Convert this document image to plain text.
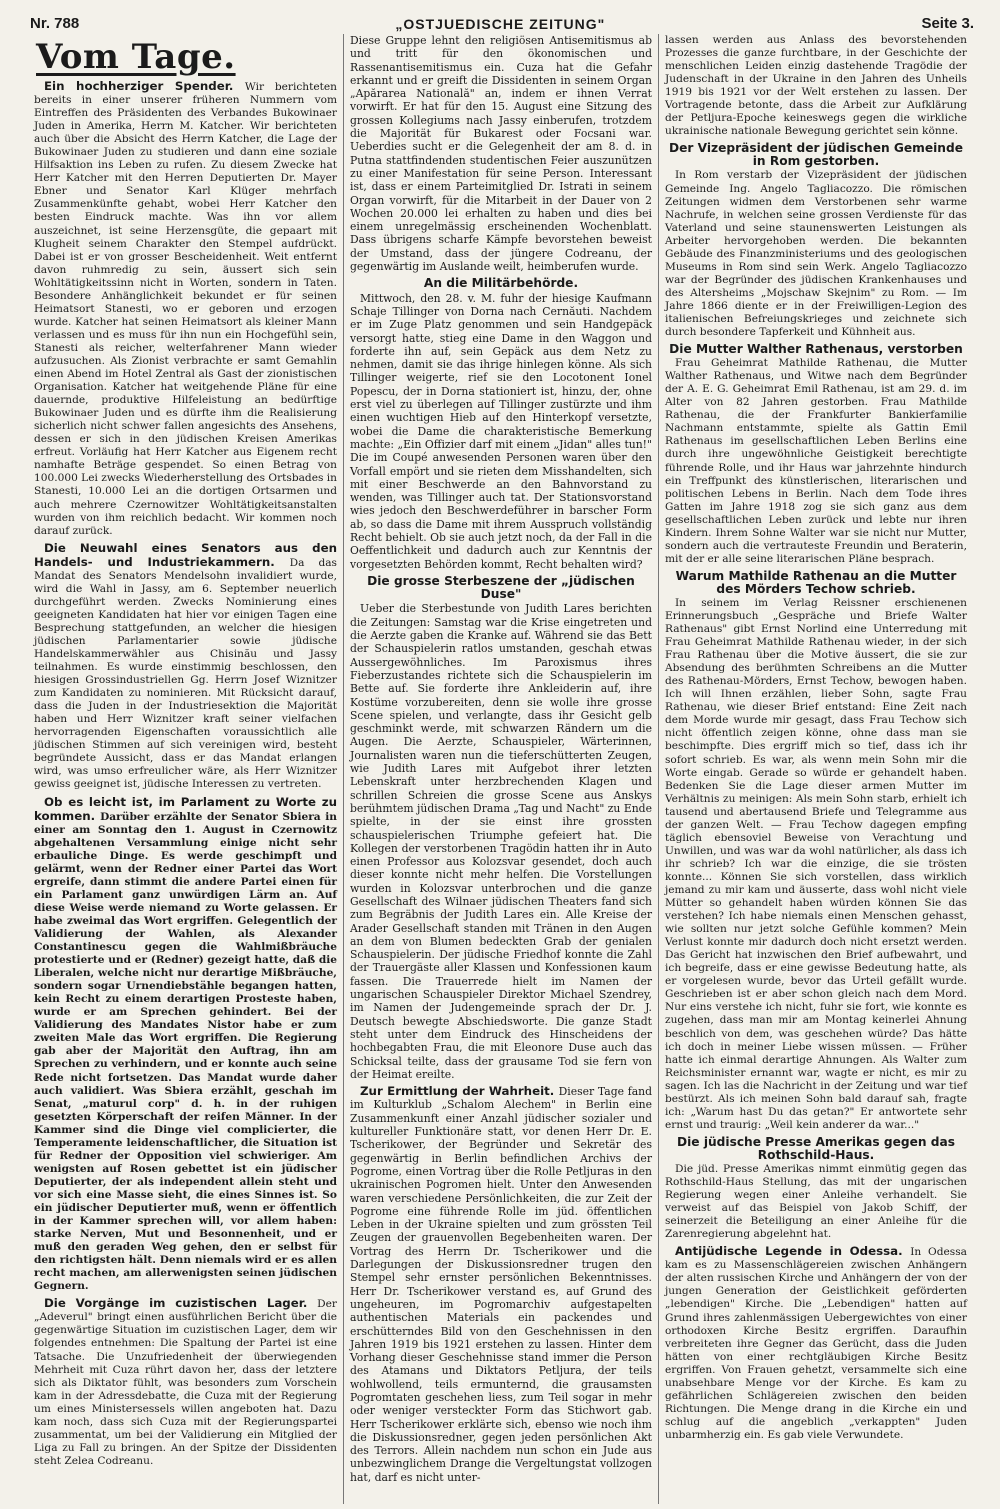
Nr. 788	„OSTJUEDISCHE ZEITUNG"	Seite 3.
Vom Tage.

Ein hochherziger Spender. Wir berichteten bereits in einer unserer früheren Nummern vom Eintreffen des Präsidenten des Verbandes Bukowinaer Juden in Amerika, Herrn M. Katcher. Wir berichteten auch über die Absicht des Herrn Katcher, die Lage der Bukowinaer Juden zu studieren und dann eine soziale Hilfsaktion ins Leben zu rufen. Zu diesem Zwecke hat Herr Katcher mit den Herren Deputierten Dr. Mayer Ebner und Senator Karl Klüger mehrfach Zusammenkünfte gehabt, wobei Herr Katcher den besten Eindruck machte. Was ihn vor allem auszeichnet, ist seine Herzensgüte, die gepaart mit Klugheit seinem Charakter den Stempel aufdrückt. Dabei ist er von grosser Bescheidenheit. Weit entfernt davon ruhmredig zu sein, äussert sich sein Wohltätigkeitssinn nicht in Worten, sondern in Taten. Besondere Anhänglichkeit bekundet er für seinen Heimatsort Stanesti, wo er geboren und erzogen wurde. Katcher hat seinen Heimatsort als kleiner Mann verlassen und es muss für ihn nun ein Hochgefühl sein, Stanesti als reicher, welterfahrener Mann wieder aufzusuchen. Als Zionist verbrachte er samt Gemahlin einen Abend im Hotel Zentral als Gast der zionistischen Organisation. Katcher hat weitgehende Pläne für eine dauernde, produktive Hilfeleistung an bedürftige Bukowinaer Juden und es dürfte ihm die Realisierung sicherlich nicht schwer fallen angesichts des Ansehens, dessen er sich in den jüdischen Kreisen Amerikas erfreut. Vorläufig hat Herr Katcher aus Eigenem recht namhafte Beträge gespendet. So einen Betrag von 100.000 Lei zwecks Wiederherstellung des Ortsbades in Stanesti, 10.000 Lei an die dortigen Ortsarmen und auch mehrere Czernowitzer Wohltätigkeitsanstalten wurden von ihm reichlich bedacht. Wir kommen noch darauf zurück.

Die Neuwahl eines Senators aus den Handels- und Industriekammern. Da das Mandat des Senators Mendelsohn invalidiert wurde, wird die Wahl in Jassy, am 6. September neuerlich durchgeführt werden. Zwecks Nominierung eines geeigneten Kandidaten hat hier vor einigen Tagen eine Besprechung stattgefunden, an welcher die hiesigen jüdischen Parlamentarier sowie jüdische Handelskammerwähler aus Chisinău und Jassy teilnahmen. Es wurde einstimmig beschlossen, den hiesigen Grossindustriellen Gg. Herrn Josef Wiznitzer zum Kandidaten zu nominieren. Mit Rücksicht darauf, dass die Juden in der Industriesektion die Majorität haben und Herr Wiznitzer kraft seiner vielfachen hervorragenden Eigenschaften voraussichtlich alle jüdischen Stimmen auf sich vereinigen wird, besteht begründete Aussicht, dass er das Mandat erlangen wird, was umso erfreulicher wäre, als Herr Wiznitzer gewiss geeignet ist, jüdische Interessen zu vertreten.

Ob es leicht ist, im Parlament zu Worte zu kommen. Darüber erzählte der Senator Sbiera in einer am Sonntag den 1. August in Czernowitz abgehaltenen Versammlung einige nicht sehr erbauliche Dinge. Es werde geschimpft und gelärmt, wenn der Redner einer Partei das Wort ergreife, dann stimmt die andere Partei einen für ein Parlament ganz unwürdigen Lärm an. Auf diese Weise werde niemand zu Worte gelassen. Er habe zweimal das Wort ergriffen. Gelegentlich der Validierung der Wahlen, als Alexander Constantinescu gegen die Wahlmißbräuche protestierte und er (Redner) gezeigt hatte, daß die Liberalen, welche nicht nur derartige Mißbräuche, sondern sogar Urnendiebstähle begangen hatten, kein Recht zu einem derartigen Prosteste haben, wurde er am Sprechen gehindert. Bei der Validierung des Mandates Nistor habe er zum zweiten Male das Wort ergriffen. Die Regierung gab aber der Majorität den Auftrag, ihn am Sprechen zu verhindern, und er konnte auch seine Rede nicht fortsetzen. Das Mandat wurde daher auch validiert. Was Sbiera erzählt, geschah im Senat, „maturul corp" d. h. in der ruhigen gesetzten Körperschaft der reifen Männer. In der Kammer sind die Dinge viel complicierter, die Temperamente leidenschaftlicher, die Situation ist für Redner der Opposition viel schwieriger. Am wenigsten auf Rosen gebettet ist ein jüdischer Deputierter, der als independent allein steht und vor sich eine Masse sieht, die eines Sinnes ist. So ein jüdischer Deputierter muß, wenn er öffentlich in der Kammer sprechen will, vor allem haben: starke Nerven, Mut und Besonnenheit, und er muß den geraden Weg gehen, den er selbst für den richtigsten hält. Denn niemals wird er es allen recht machen, am allerwenigsten seinen jüdischen Gegnern.

Die Vorgänge im cuzistischen Lager. Der „Adeverul" bringt einen ausführlichen Bericht über die gegenwärtige Situation im cuzistischen Lager, dem wir folgendes entnehmen: Die Spaltung der Partei ist eine Tatsache. Die Unzufriedenheit der überwiegenden Mehrheit mit Cuza rührt davon her, dass der letztere sich als Diktator fühlt, was besonders zum Vorschein kam in der Adressdebatte, die Cuza mit der Regierung um eines Ministersessels willen angeboten hat. Dazu kam noch, dass sich Cuza mit der Regierungspartei zusammentat, um bei der Validierung ein Mitglied der Liga zu Fall zu bringen. An der Spitze der Dissidenten steht Zelea Codreanu.

Diese Gruppe lehnt den religiösen Antisemitismus ab und tritt für den ökonomischen und Rassenantisemitismus ein. Cuza hat die Gefahr erkannt und er greift die Dissidenten in seinem Organ „Apărarea Natională" an, indem er ihnen Verrat vorwirft. Er hat für den 15. August eine Sitzung des grossen Kollegiums nach Jassy einberufen, trotzdem die Majorität für Bukarest oder Focsani war. Ueberdies sucht er die Gelegenheit der am 8. d. in Putna stattfindenden studentischen Feier auszunützen zu einer Manifestation für seine Person. Interessant ist, dass er einem Parteimitglied Dr. Istrati in seinem Organ vorwirft, für die Mitarbeit in der Dauer von 2 Wochen 20.000 lei erhalten zu haben und dies bei einem unregelmässig erscheinenden Wochenblatt. Dass übrigens scharfe Kämpfe bevorstehen beweist der Umstand, dass der jüngere Codreanu, der gegenwärtig im Auslande weilt, heimberufen wurde.

An die Militärbehörde.

Mittwoch, den 28. v. M. fuhr der hiesige Kaufmann Schaje Tillinger von Dorna nach Cernăuti. Nachdem er im Zuge Platz genommen und sein Handgepäck versorgt hatte, stieg eine Dame in den Waggon und forderte ihn auf, sein Gepäck aus dem Netz zu nehmen, damit sie das ihrige hinlegen könne. Als sich Tillinger weigerte, rief sie den Locotonent Ionel Popescu, der in Dorna stationiert ist, hinzu, der, ohne erst viel zu überlegen auf Tillinger zustürzte und ihm einen wuchtigen Hieb auf den Hinterkopf versetzte, wobei die Dame die charakteristische Bemerkung machte: „Ein Offizier darf mit einem „Jidan" alles tun!" Die im Coupé anwesenden Personen waren über den Vorfall empört und sie rieten dem Misshandelten, sich mit einer Beschwerde an den Bahnvorstand zu wenden, was Tillinger auch tat. Der Stationsvorstand wies jedoch den Beschwerdeführer in barscher Form ab, so dass die Dame mit ihrem Ausspruch vollständig Recht behielt. Ob sie auch jetzt noch, da der Fall in die Oeffentlichkeit und dadurch auch zur Kenntnis der vorgesetzten Behörden kommt, Recht behalten wird?

Die grosse Sterbeszene der „jüdischen Duse"

Ueber die Sterbestunde von Judith Lares berichten die Zeitungen: Samstag war die Krise eingetreten und die Aerzte gaben die Kranke auf. Während sie das Bett der Schauspielerin ratlos umstanden, geschah etwas Aussergewöhnliches. Im Paroxismus ihres Fieberzustandes richtete sich die Schauspielerin im Bette auf. Sie forderte ihre Ankleiderin auf, ihre Kostüme vorzubereiten, denn sie wolle ihre grosse Scene spielen, und verlangte, dass ihr Gesicht gelb geschminkt werde, mit schwarzen Rändern um die Augen. Die Aerzte, Schauspieler, Wärterinnen, Journalisten waren nun die tieferschütterten Zeugen, wie Judith Lares mit Aufgebot ihrer letzten Lebenskraft unter herzbrechenden Klagen und schrillen Schreien die grosse Scene aus Anskys berühmtem jüdischen Drama „Tag und Nacht" zu Ende spielte, in der sie einst ihre grossten schauspielerischen Triumphe gefeiert hat. Die Kollegen der verstorbenen Tragödin hatten ihr in Auto einen Professor aus Kolozsvar gesendet, doch auch dieser konnte nicht mehr helfen. Die Vorstellungen wurden in Kolozsvar unterbrochen und die ganze Gesellschaft des Wilnaer jüdischen Theaters fand sich zum Begräbnis der Judith Lares ein. Alle Kreise der Arader Gesellschaft standen mit Tränen in den Augen an dem von Blumen bedeckten Grab der genialen Schauspielerin. Der jüdische Friedhof konnte die Zahl der Trauergäste aller Klassen und Konfessionen kaum fassen. Die Trauerrede hielt im Namen der ungarischen Schauspieler Direktor Michael Szendrey, im Namen der Judengemeinde sprach der Dr. J. Deutsch bewegte Abschiedsworte. Die ganze Stadt steht unter dem Eindruck des Hinscheidens der hochbegabten Frau, die mit Eleonore Duse auch das Schicksal teilte, dass der grausame Tod sie fern von der Heimat ereilte.

Zur Ermittlung der Wahrheit. Dieser Tage fand im Kulturklub „Schalom Alechem" in Berlin eine Zusammenkunft einer Anzahl jüdischer sozialer und kultureller Funktionäre statt, vor denen Herr Dr. E. Tscherikower, der Begründer und Sekretär des gegenwärtig in Berlin befindlichen Archivs der Pogrome, einen Vortrag über die Rolle Petljuras in den ukrainischen Pogromen hielt. Unter den Anwesenden waren verschiedene Persönlichkeiten, die zur Zeit der Pogrome eine führende Rolle im jüd. öffentlichen Leben in der Ukraine spielten und zum grössten Teil Zeugen der grauenvollen Begebenheiten waren. Der Vortrag des Herrn Dr. Tscherikower und die Darlegungen der Diskussionsredner trugen den Stempel sehr ernster persönlichen Bekenntnisses. Herr Dr. Tscherikower verstand es, auf Grund des ungeheuren, im Pogromarchiv aufgestapelten authentischen Materials ein packendes und erschütterndes Bild von den Geschehnissen in den Jahren 1919 bis 1921 erstehen zu lassen. Hinter dem Vorhang dieser Geschehnisse stand immer die Person des Atamans und Diktators Petljura, der teils wohlwollend, teils ermunternd, die grausamsten Pogromtaten geschehen liess, zum Teil sogar in mehr oder weniger versteckter Form das Stichwort gab. Herr Tscherikower erklärte sich, ebenso wie noch ihm die Diskussionsredner, gegen jeden persönlichen Akt des Terrors. Allein nachdem nun schon ein Jude aus unbezwinglichem Drange die Vergeltungstat vollzogen hat, darf es nicht unter-

lassen werden aus Anlass des bevorstehenden Prozesses die ganze furchtbare, in der Geschichte der menschlichen Leiden einzig dastehende Tragödie der Judenschaft in der Ukraine in den Jahren des Unheils 1919 bis 1921 vor der Welt erstehen zu lassen. Der Vortragende betonte, dass die Arbeit zur Aufklärung der Petljura-Epoche keineswegs gegen die wirkliche ukrainische nationale Bewegung gerichtet sein könne.

Der Vizepräsident der jüdischen Gemeinde in Rom gestorben.

In Rom verstarb der Vizepräsident der jüdischen Gemeinde Ing. Angelo Tagliacozzo. Die römischen Zeitungen widmen dem Verstorbenen sehr warme Nachrufe, in welchen seine grossen Verdienste für das Vaterland und seine staunenswerten Leistungen als Arbeiter hervorgehoben werden. Die bekannten Gebäude des Finanzministeriums und des geologischen Museums in Rom sind sein Werk. Angelo Tagliacozzo war der Begründer des jüdischen Krankenhauses und des Altersheims „Mojschaw Skejnim" zu Rom. — Im Jahre 1866 diente er in der Freiwilligen-Legion des italienischen Befreiungskrieges und zeichnete sich durch besondere Tapferkeit und Kühnheit aus.

Die Mutter Walther Rathenaus, verstorben

Frau Geheimrat Mathilde Rathenau, die Mutter Walther Rathenaus, und Witwe nach dem Begründer der A. E. G. Geheimrat Emil Rathenau, ist am 29. d. im Alter von 82 Jahren gestorben. Frau Mathilde Rathenau, die der Frankfurter Bankierfamilie Nachmann entstammte, spielte als Gattin Emil Rathenaus im gesellschaftlichen Leben Berlins eine durch ihre ungewöhnliche Geistigkeit berechtigte führende Rolle, und ihr Haus war jahrzehnte hindurch ein Treffpunkt des künstlerischen, literarischen und politischen Lebens in Berlin. Nach dem Tode ihres Gatten im Jahre 1918 zog sie sich ganz aus dem gesellschaftlichen Leben zurück und lebte nur ihren Kindern. Ihrem Sohne Walter war sie nicht nur Mutter, sondern auch die vertrauteste Freundin und Beraterin, mit der er alle seine literarischen Pläne besprach.

Warum Mathilde Rathenau an die Mutter des Mörders Techow schrieb.

In seinem im Verlag Reissner erschienenen Erinnerungsbuch „Gespräche und Briefe Walter Rathenaus" gibt Ernst Norlind eine Unterredung mit Frau Geheimrat Mathilde Rathenau wieder, in der sich Frau Rathenau über die Motive äussert, die sie zur Absendung des berühmten Schreibens an die Mutter des Rathenau-Mörders, Ernst Techow, bewogen haben. Ich will Ihnen erzählen, lieber Sohn, sagte Frau Rathenau, wie dieser Brief entstand: Eine Zeit nach dem Morde wurde mir gesagt, dass Frau Techow sich nicht öffentlich zeigen könne, ohne dass man sie beschimpfte. Dies ergriff mich so tief, dass ich ihr sofort schrieb. Es war, als wenn mein Sohn mir die Worte eingab. Gerade so würde er gehandelt haben. Bedenken Sie die Lage dieser armen Mutter im Verhältnis zu meinigen: Als mein Sohn starb, erhielt ich tausend und abertausend Briefe und Telegramme aus der ganzen Welt. — Frau Techow dagegen empfing täglich ebensoviel Beweise von Verachtung und Unwillen, und was war da wohl natürlicher, als dass ich ihr schrieb? Ich war die einzige, die sie trösten konnte... Können Sie sich vorstellen, dass wirklich jemand zu mir kam und äusserte, dass wohl nicht viele Mütter so gehandelt haben würden können Sie das verstehen? Ich habe niemals einen Menschen gehasst, wie sollten nur jetzt solche Gefühle kommen? Mein Verlust konnte mir dadurch doch nicht ersetzt werden. Das Gericht hat inzwischen den Brief aufbewahrt, und ich begreife, dass er eine gewisse Bedeutung hatte, als er vorgelesen wurde, bevor das Urteil gefällt wurde. Geschrieben ist er aber schon gleich nach dem Mord. Nur eins verstehe ich nicht, fuhr sie fort, wie konnte es zugehen, dass man mir am Montag keinerlei Ahnung beschlich von dem, was geschehen würde? Das hätte ich doch in meiner Liebe wissen müssen. — Früher hatte ich einmal derartige Ahnungen. Als Walter zum Reichsminister ernannt war, wagte er nicht, es mir zu sagen. Ich las die Nachricht in der Zeitung und war tief bestürzt. Als ich meinen Sohn bald darauf sah, fragte ich: „Warum hast Du das getan?" Er antwortete sehr ernst und traurig: „Weil kein anderer da war..."

Die jüdische Presse Amerikas gegen das Rothschild-Haus.

Die jüd. Presse Amerikas nimmt einmütig gegen das Rothschild-Haus Stellung, das mit der ungarischen Regierung wegen einer Anleihe verhandelt. Sie verweist auf das Beispiel von Jakob Schiff, der seinerzeit die Beteiligung an einer Anleihe für die Zarenregierung abgelehnt hat.

Antijüdische Legende in Odessa. In Odessa kam es zu Massenschlägereien zwischen Anhängern der alten russischen Kirche und Anhängern der von der jungen Generation der Geistlichkeit geförderten „lebendigen" Kirche. Die „Lebendigen" hatten auf Grund ihres zahlenmässigen Uebergewichtes von einer orthodoxen Kirche Besitz ergriffen. Daraufhin verbreiteten ihre Gegner das Gerücht, dass die Juden hätten von einer rechtgläubigen Kirche Besitz ergriffen. Von Frauen gehetzt, versammelte sich eine unabsehbare Menge vor der Kirche. Es kam zu gefährlichen Schlägereien zwischen den beiden Richtungen. Die Menge drang in die Kirche ein und schlug auf die angeblich „verkappten" Juden unbarmherzig ein. Es gab viele Verwundete.
